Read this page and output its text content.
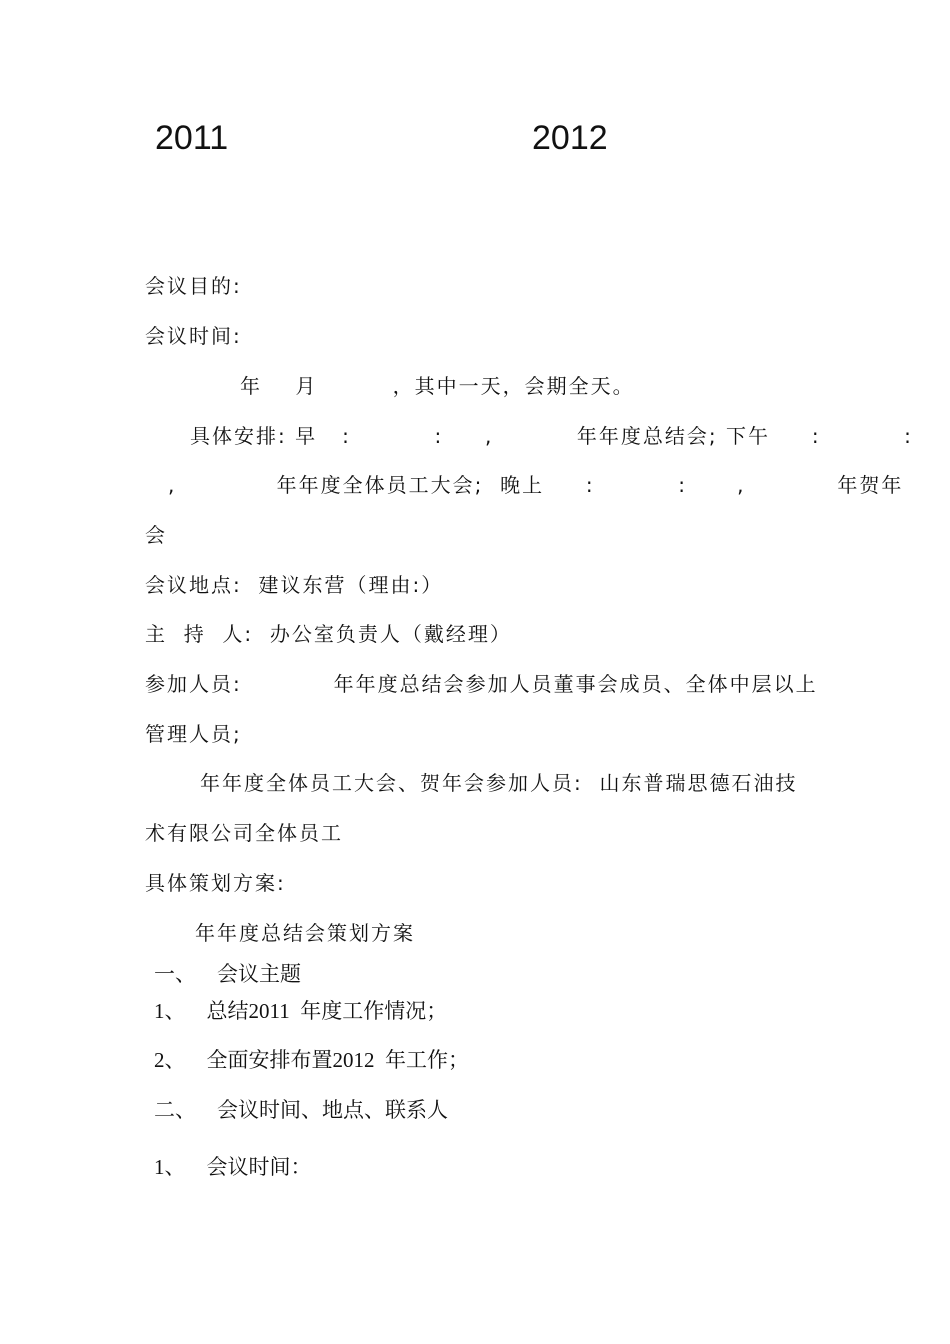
2011	2012
会议目的:
会议时间:
年    月         ，其中一天，会期全天。
具体安排: 早   :          :     ,          年年度总结会; 下午     :          :
,            年年度全体员工大会;  晚上     :          :      ,           年贺年
会
会议地点:  建议东营（理由:）
主  持  人:  办公室负责人（戴经理）
参加人员:           年年度总结会参加人员董事会成员、全体中层以上
管理人员;
年年度全体员工大会、贺年会参加人员:  山东普瑞思德石油技
术有限公司全体员工
具体策划方案:
年年度总结会策划方案
一、    会议主题
1、    总结2011  年度工作情况；
2、    全面安排布置2012  年工作；
二、    会议时间、地点、联系人
1、    会议时间：
